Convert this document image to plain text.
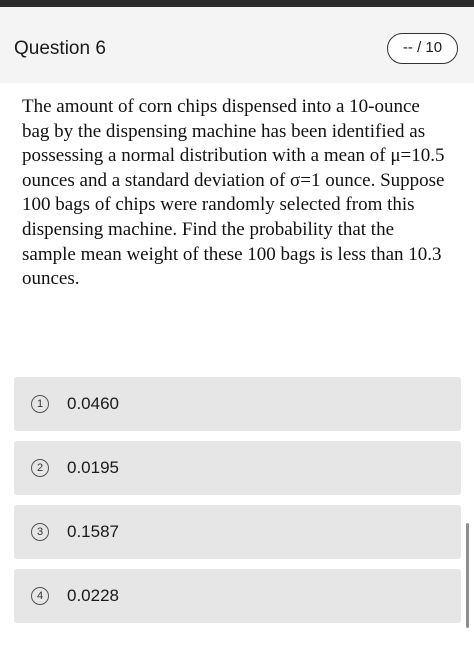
Question 6	-- / 10
The amount of corn chips dispensed into a 10-ounce bag by the dispensing machine has been identified as possessing a normal distribution with a mean of μ=10.5 ounces and a standard deviation of σ=1 ounce. Suppose 100 bags of chips were randomly selected from this dispensing machine. Find the probability that the sample mean weight of these 100 bags is less than 10.3 ounces.
1	0.0460
2	0.0195
3	0.1587
4	0.0228
